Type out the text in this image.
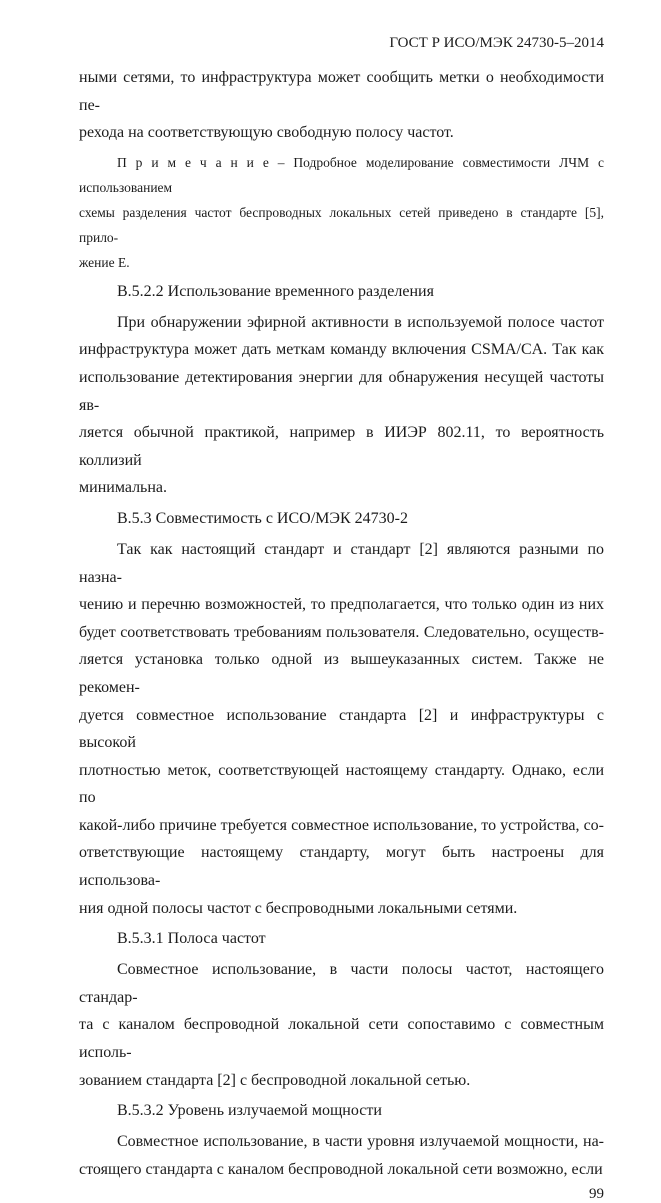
ГОСТ Р ИСО/МЭК 24730-5–2014
ными сетями, то инфраструктура может сообщить метки о необходимости пе-
рехода на соответствующую свободную полосу частот.
П р и м е ч а н и е – Подробное моделирование совместимости ЛЧМ с использованием
схемы разделения частот беспроводных локальных сетей приведено в стандарте [5], прило-
жение Е.
В.5.2.2 Использование временного разделения
При обнаружении эфирной активности в используемой полосе частот
инфраструктура может дать меткам команду включения CSMA/CA. Так как
использование детектирования энергии для обнаружения несущей частоты яв-
ляется обычной практикой, например в ИИЭР 802.11, то вероятность коллизий
минимальна.
В.5.3 Совместимость с ИСО/МЭК 24730-2
Так как настоящий стандарт и стандарт [2] являются разными по назна-
чению и перечню возможностей, то предполагается, что только один из них
будет соответствовать требованиям пользователя. Следовательно, осуществ-
ляется установка только одной из вышеуказанных систем. Также не рекомен-
дуется совместное использование стандарта [2] и инфраструктуры с высокой
плотностью меток, соответствующей настоящему стандарту. Однако, если по
какой-либо причине требуется совместное использование, то устройства, со-
ответствующие настоящему стандарту, могут быть настроены для использова-
ния одной полосы частот с беспроводными локальными сетями.
В.5.3.1 Полоса частот
Совместное использование, в части полосы частот, настоящего стандар-
та с каналом беспроводной локальной сети сопоставимо с совместным исполь-
зованием стандарта [2] с беспроводной локальной сетью.
В.5.3.2 Уровень излучаемой мощности
Совместное использование, в части уровня излучаемой мощности, на-
стоящего стандарта с каналом беспроводной локальной сети возможно, если
99
